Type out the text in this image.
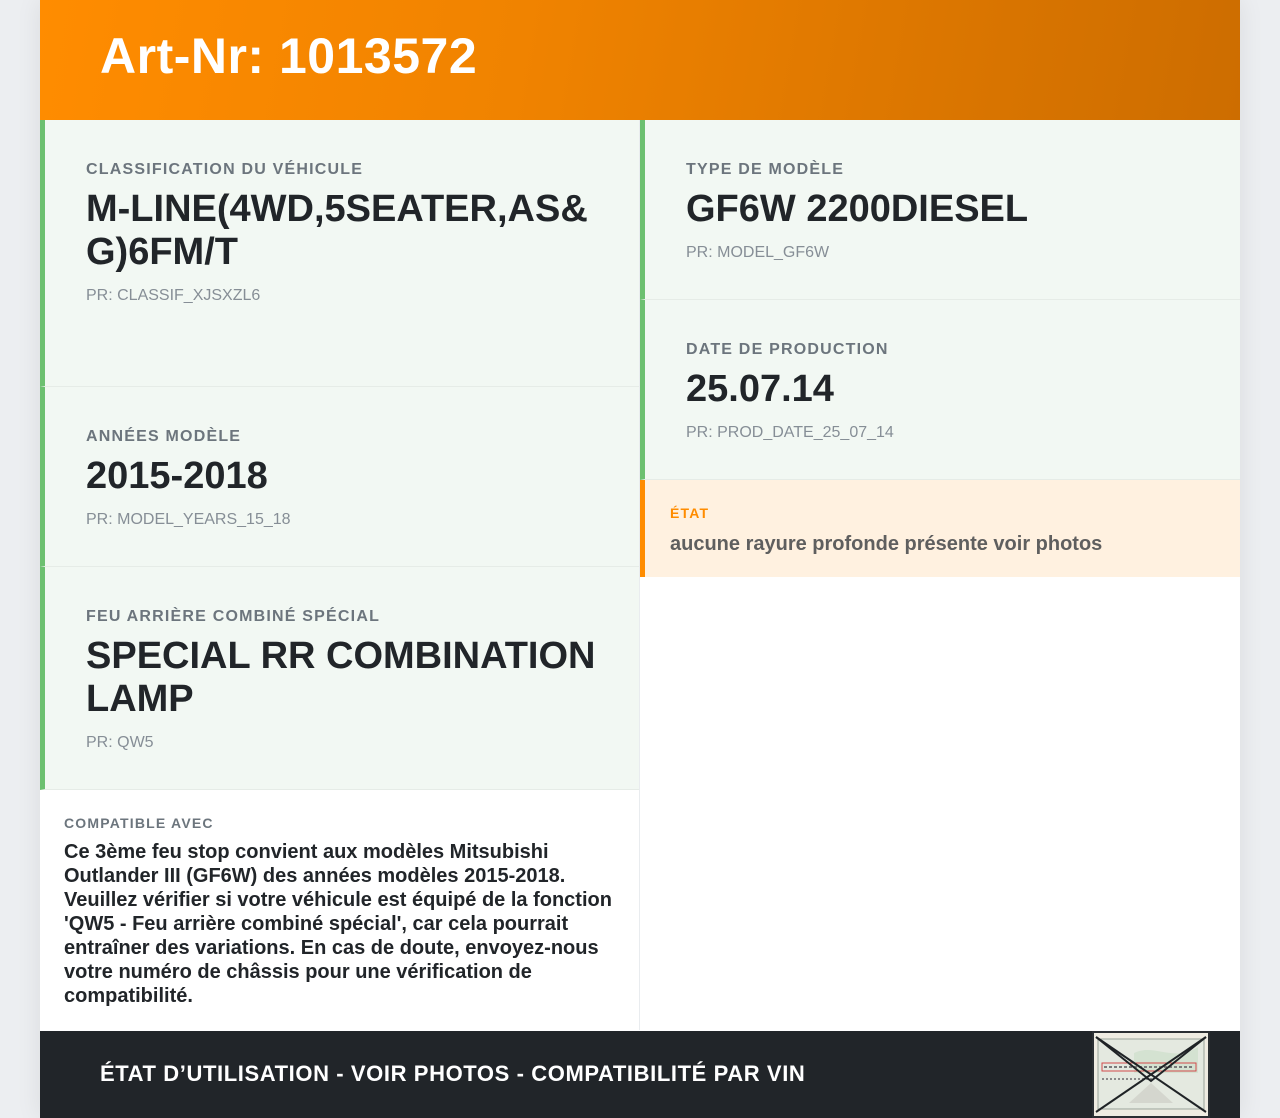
Art-Nr: 1013572
CLASSIFICATION DU VÉHICULE
M-LINE(4WD,5SEATER,AS&G)6FM/T
PR: CLASSIF_XJSXZL6
ANNÉES MODÈLE
2015-2018
PR: MODEL_YEARS_15_18
FEU ARRIÈRE COMBINÉ SPÉCIAL
SPECIAL RR COMBINATION LAMP
PR: QW5
COMPATIBLE AVEC
Ce 3ème feu stop convient aux modèles Mitsubishi Outlander III (GF6W) des années modèles 2015-2018. Veuillez vérifier si votre véhicule est équipé de la fonction 'QW5 - Feu arrière combiné spécial', car cela pourrait entraîner des variations. En cas de doute, envoyez-nous votre numéro de châssis pour une vérification de compatibilité.
TYPE DE MODÈLE
GF6W 2200DIESEL
PR: MODEL_GF6W
DATE DE PRODUCTION
25.07.14
PR: PROD_DATE_25_07_14
ÉTAT
aucune rayure profonde présente voir photos
ÉTAT D’UTILISATION - VOIR PHOTOS - COMPATIBILITÉ PAR VIN
